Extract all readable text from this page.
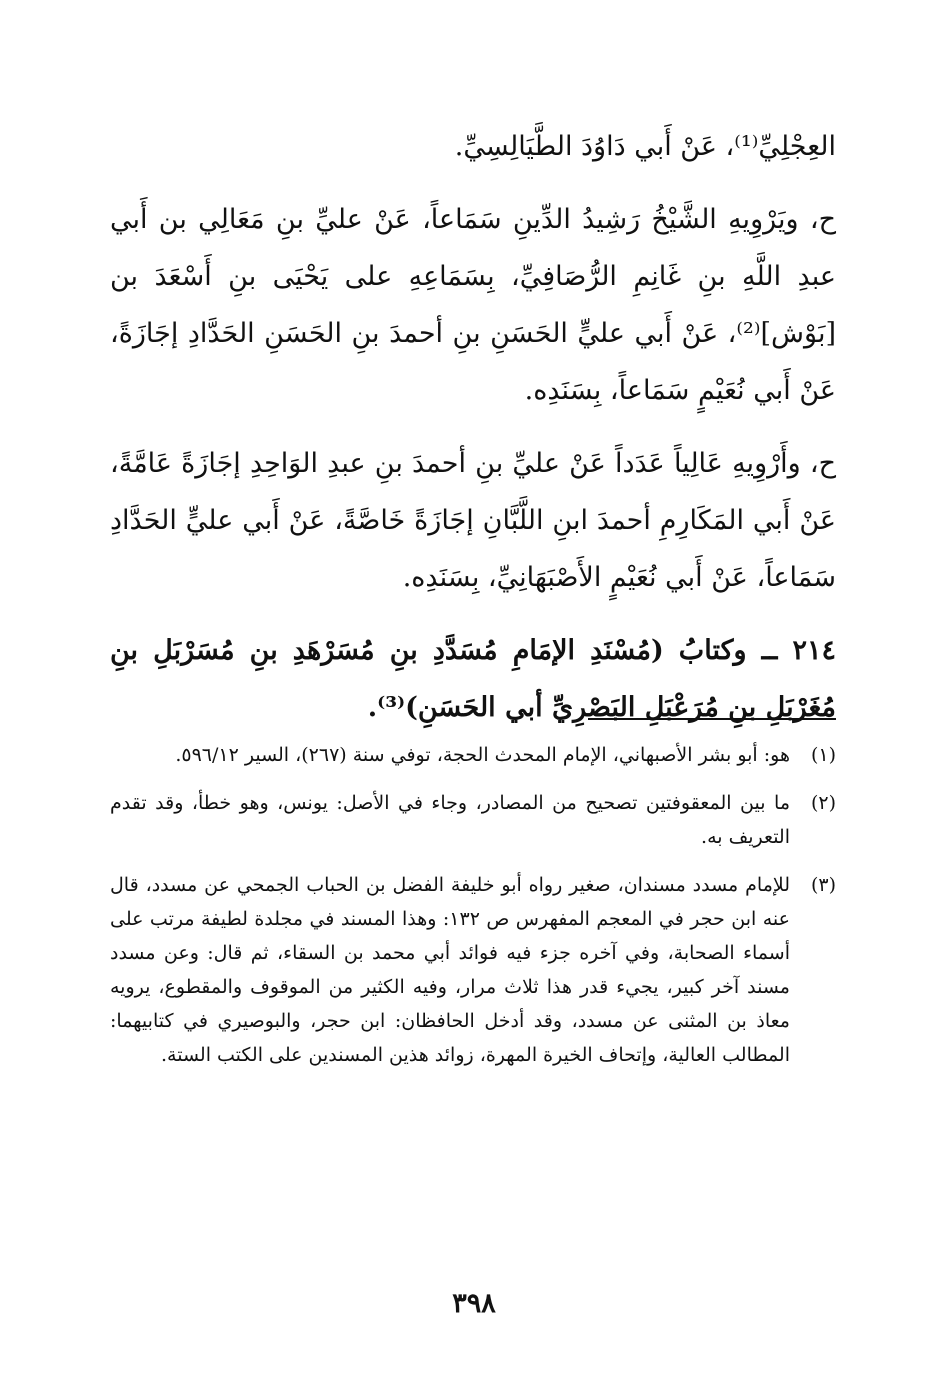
العِجْلِيِّ⁽¹⁾، عَنْ أَبي دَاوُدَ الطَّيَالِسِيِّ.

ح، ويَرْوِيهِ الشَّيْخُ رَشِيدُ الدِّينِ سَمَاعاً، عَنْ عليِّ بنِ مَعَالِي بن أَبي عبدِ اللَّهِ بنِ غَانِمِ الرُّصَافِيِّ، بِسَمَاعِهِ على يَحْيَى بنِ أَسْعَدَ بن [بَوْش]⁽²⁾، عَنْ أَبي عليٍّ الحَسَنِ بنِ أحمدَ بنِ الحَسَنِ الحَدَّادِ إجَازَةً، عَنْ أَبي نُعَيْمٍ سَمَاعاً، بِسَنَدِه.

ح، وأَرْوِيهِ عَالِياً عَدَداً عَنْ عليِّ بنِ أحمدَ بنِ عبدِ الوَاحِدِ إجَازَةً عَامَّةً، عَنْ أَبي المَكَارِمِ أحمدَ ابنِ اللَّبَّانِ إجَازَةً خَاصَّةً، عَنْ أَبي عليٍّ الحَدَّادِ سَمَاعاً، عَنْ أَبي نُعَيْمٍ الأَصْبَهَانِيِّ، بِسَنَدِه.

٢١٤ ــ وكتابُ (مُسْنَدِ الإمَامِ مُسَدَّدِ بنِ مُسَرْهَدِ بنِ مُسَرْبَلِ بنِ مُغَرْبَلِ بنِ مُرَعْبَلِ البَصْرِيِّ أبي الحَسَنِ)⁽³⁾.

(١)
هو: أبو بشر الأصبهاني، الإمام المحدث الحجة، توفي سنة (٢٦٧)، السير ٥٩٦/١٢.
(٢)
ما بين المعقوفتين تصحيح من المصادر، وجاء في الأصل: يونس، وهو خطأ، وقد تقدم التعريف به.
(٣)
للإمام مسدد مسندان، صغير رواه أبو خليفة الفضل بن الحباب الجمحي عن مسدد، قال عنه ابن حجر في المعجم المفهرس ص ١٣٢: وهذا المسند في مجلدة لطيفة مرتب على أسماء الصحابة، وفي آخره جزء فيه فوائد أبي محمد بن السقاء، ثم قال: وعن مسدد مسند آخر كبير، يجيء قدر هذا ثلاث مرار، وفيه الكثير من الموقوف والمقطوع، يرويه معاذ بن المثنى عن مسدد، وقد أدخل الحافظان: ابن حجر، والبوصيري في كتابيهما: المطالب العالية، وإتحاف الخيرة المهرة، زوائد هذين المسندين على الكتب الستة.
٣٩٨
